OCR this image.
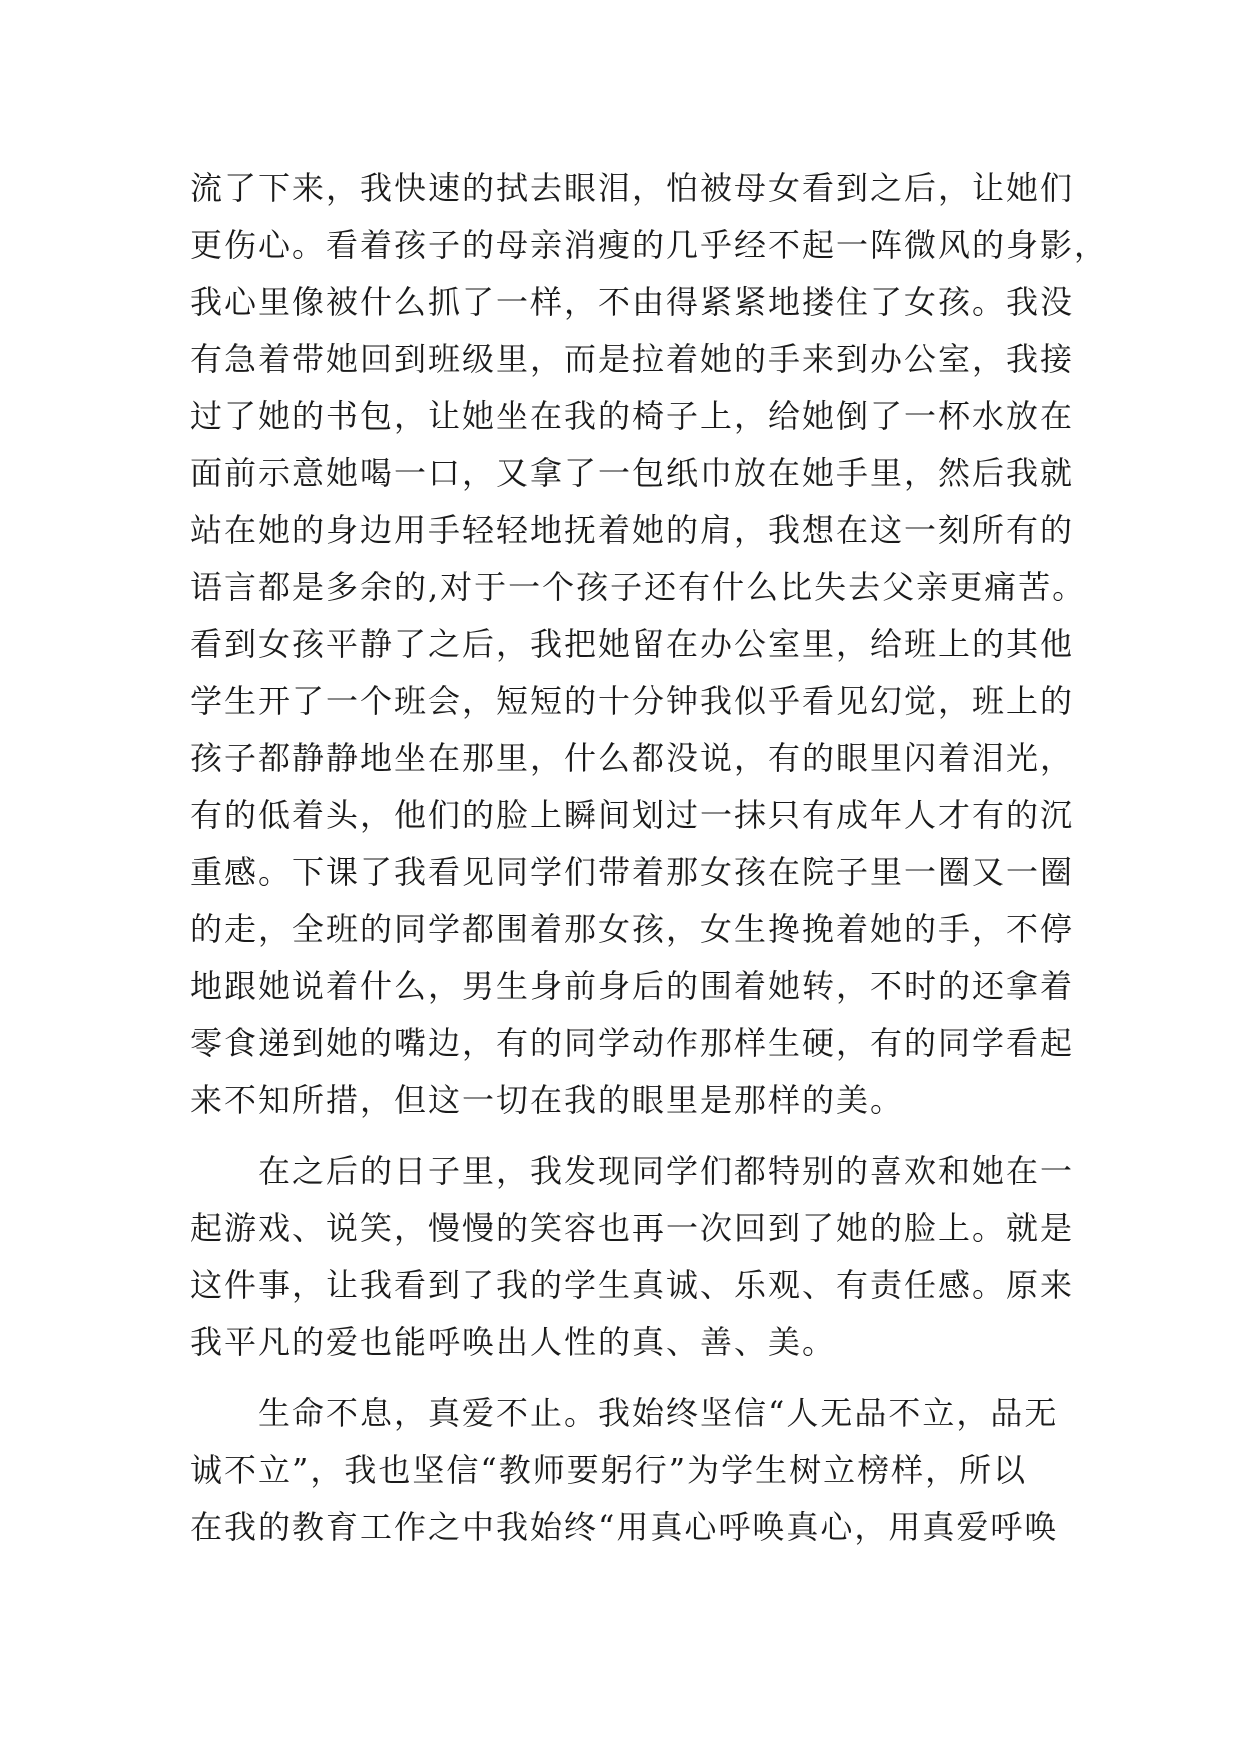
流了下来，我快速的拭去眼泪，怕被母女看到之后，让她们
更伤心。看着孩子的母亲消瘦的几乎经不起一阵微风的身影，
我心里像被什么抓了一样，不由得紧紧地搂住了女孩。我没
有急着带她回到班级里，而是拉着她的手来到办公室，我接
过了她的书包，让她坐在我的椅子上，给她倒了一杯水放在
面前示意她喝一口，又拿了一包纸巾放在她手里，然后我就
站在她的身边用手轻轻地抚着她的肩，我想在这一刻所有的
语言都是多余的,对于一个孩子还有什么比失去父亲更痛苦。
看到女孩平静了之后，我把她留在办公室里，给班上的其他
学生开了一个班会，短短的十分钟我似乎看见幻觉，班上的
孩子都静静地坐在那里，什么都没说，有的眼里闪着泪光，
有的低着头，他们的脸上瞬间划过一抹只有成年人才有的沉
重感。下课了我看见同学们带着那女孩在院子里一圈又一圈
的走，全班的同学都围着那女孩，女生搀挽着她的手，不停
地跟她说着什么，男生身前身后的围着她转，不时的还拿着
零食递到她的嘴边，有的同学动作那样生硬，有的同学看起
来不知所措，但这一切在我的眼里是那样的美。
　　在之后的日子里，我发现同学们都特别的喜欢和她在一
起游戏、说笑，慢慢的笑容也再一次回到了她的脸上。就是
这件事，让我看到了我的学生真诚、乐观、有责任感。原来
我平凡的爱也能呼唤出人性的真、善、美。
　　生命不息，真爱不止。我始终坚信“人无品不立，品无
诚不立”，我也坚信“教师要躬行”为学生树立榜样，所以
在我的教育工作之中我始终“用真心呼唤真心，用真爱呼唤
